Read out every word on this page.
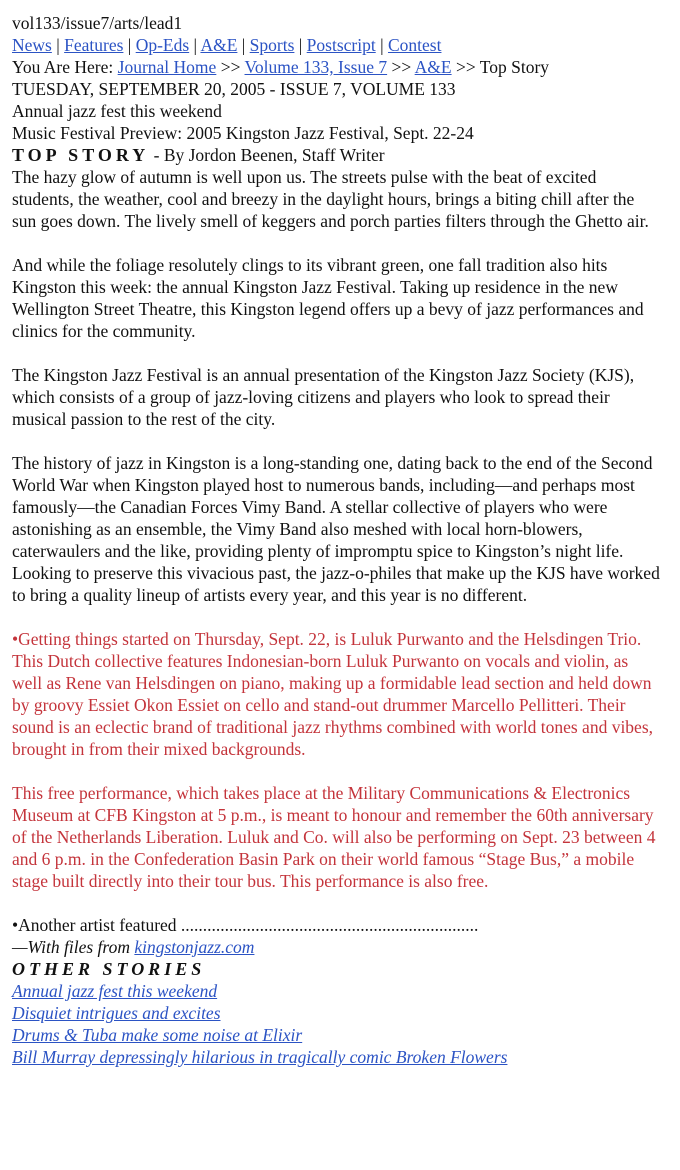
vol133/issue7/arts/lead1
News | Features | Op-Eds | A&E | Sports | Postscript | Contest
You Are Here: Journal Home >> Volume 133, Issue 7 >> A&E >> Top Story
TUESDAY, SEPTEMBER 20, 2005 - ISSUE 7, VOLUME 133
Annual jazz fest this weekend
Music Festival Preview: 2005 Kingston Jazz Festival, Sept. 22-24
TOP STORY - By Jordon Beenen, Staff Writer

The hazy glow of autumn is well upon us. The streets pulse with the beat of excited students, the weather, cool and breezy in the daylight hours, brings a biting chill after the sun goes down. The lively smell of keggers and porch parties filters through the Ghetto air.

And while the foliage resolutely clings to its vibrant green, one fall tradition also hits Kingston this week: the annual Kingston Jazz Festival. Taking up residence in the new Wellington Street Theatre, this Kingston legend offers up a bevy of jazz performances and clinics for the community.

The Kingston Jazz Festival is an annual presentation of the Kingston Jazz Society (KJS), which consists of a group of jazz-loving citizens and players who look to spread their musical passion to the rest of the city.

The history of jazz in Kingston is a long-standing one, dating back to the end of the Second World War when Kingston played host to numerous bands, including—and perhaps most famously—the Canadian Forces Vimy Band. A stellar collective of players who were astonishing as an ensemble, the Vimy Band also meshed with local horn-blowers, caterwaulers and the like, providing plenty of impromptu spice to Kingston’s night life. Looking to preserve this vivacious past, the jazz-o-philes that make up the KJS have worked to bring a quality lineup of artists every year, and this year is no different.

•Getting things started on Thursday, Sept. 22, is Luluk Purwanto and the Helsdingen Trio. This Dutch collective features Indonesian-born Luluk Purwanto on vocals and violin, as well as Rene van Helsdingen on piano, making up a formidable lead section and held down by groovy Essiet Okon Essiet on cello and stand-out drummer Marcello Pellitteri. Their sound is an eclectic brand of traditional jazz rhythms combined with world tones and vibes, brought in from their mixed backgrounds.

This free performance, which takes place at the Military Communications & Electronics Museum at CFB Kingston at 5 p.m., is meant to honour and remember the 60th anniversary of the Netherlands Liberation. Luluk and Co. will also be performing on Sept. 23 between 4 and 6 p.m. in the Confederation Basin Park on their world famous “Stage Bus,” a mobile stage built directly into their tour bus. This performance is also free.

•Another artist featured ....................................................................
—With files from kingstonjazz.com
OTHER STORIES
Annual jazz fest this weekend
Disquiet intrigues and excites
Drums & Tuba make some noise at Elixir
Bill Murray depressingly hilarious in tragically comic Broken Flowers
